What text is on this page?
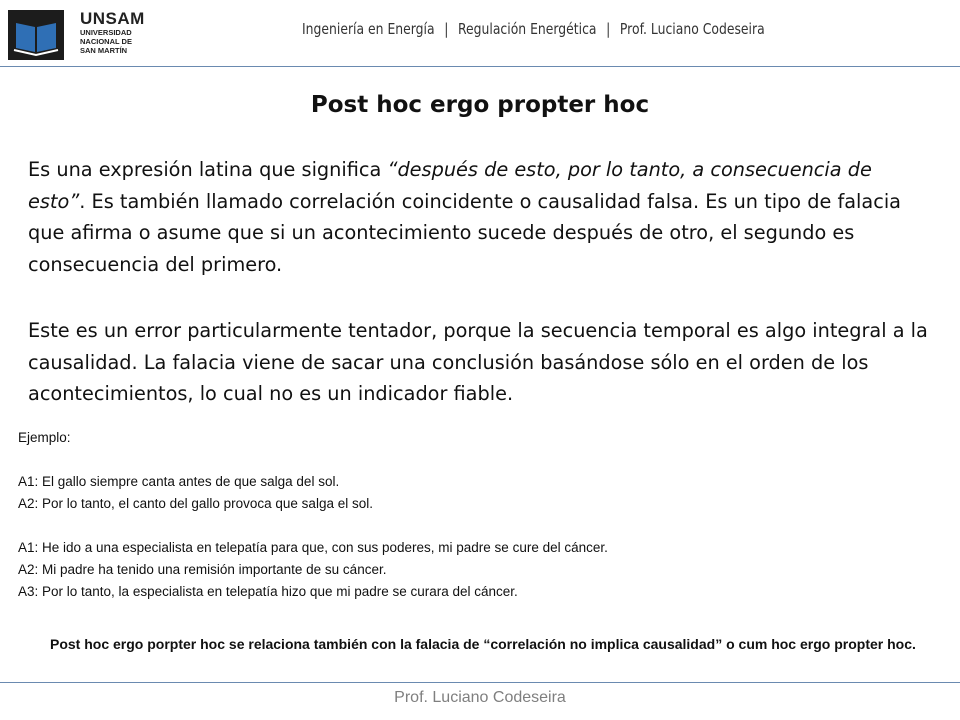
UNSAM
UNIVERSIDAD
NACIONAL DE
SAN MARTÍN
Ingeniería en Energía | Regulación Energética | Prof. Luciano Codeseira
Post hoc ergo propter hoc
Es una expresión latina que significa “después de esto, por lo tanto, a consecuencia de esto”. Es también llamado correlación coincidente o causalidad falsa. Es un tipo de falacia que afirma o asume que si un acontecimiento sucede después de otro, el segundo es consecuencia del primero.
Este es un error particularmente tentador, porque la secuencia temporal es algo integral a la causalidad. La falacia viene de sacar una conclusión basándose sólo en el orden de los acontecimientos, lo cual no es un indicador fiable.
Ejemplo:
A1: El gallo siempre canta antes de que salga del sol.
A2: Por lo tanto, el canto del gallo provoca que salga el sol.
A1: He ido a una especialista en telepatía para que, con sus poderes, mi padre se cure del cáncer.
A2: Mi padre ha tenido una remisión importante de su cáncer.
A3: Por lo tanto, la especialista en telepatía hizo que mi padre se curara del cáncer.
Post hoc ergo porpter hoc se relaciona también con la falacia de “correlación no implica causalidad” o cum hoc ergo propter hoc.
Prof. Luciano Codeseira
